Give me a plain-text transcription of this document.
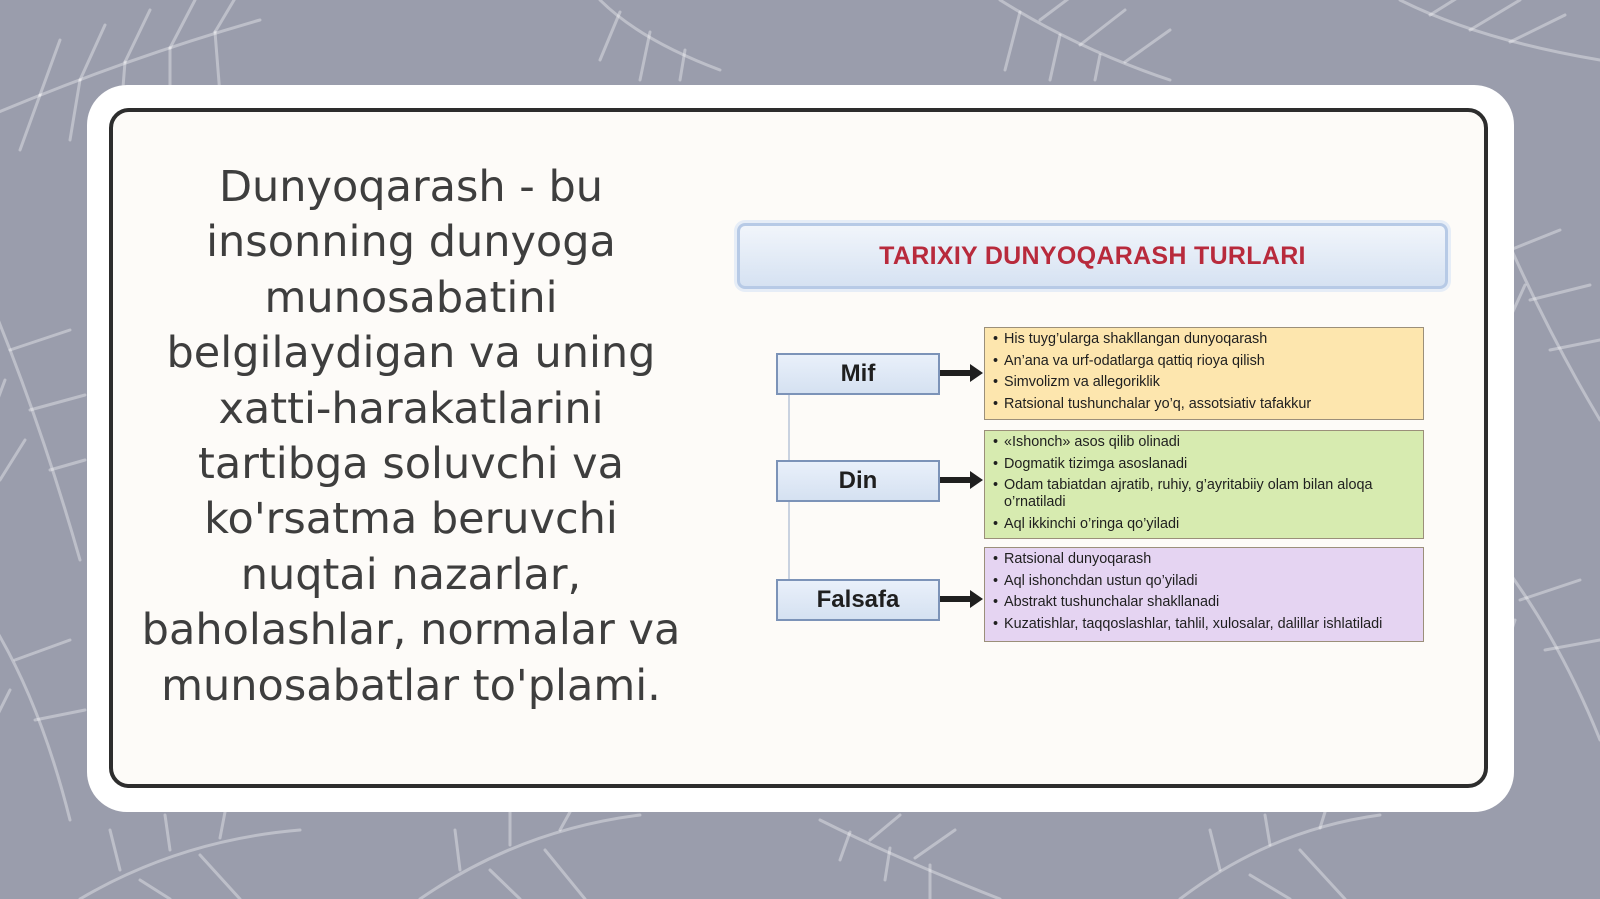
Dunyoqarash - bu insonning dunyoga munosabatini belgilaydigan va uning xatti-harakatlarini tartibga soluvchi va ko'rsatma beruvchi nuqtai nazarlar, baholashlar, normalar va munosabatlar to'plami.

TARIXIY DUNYOQARASH TURLARI
Mif
• His tuyg’ularga shakllangan dunyoqarash
• An’ana va urf-odatlarga qattiq rioya qilish
• Simvolizm va allegoriklik
• Ratsional tushunchalar yo’q, assotsiativ tafakkur
Din
• «Ishonch» asos qilib olinadi
• Dogmatik tizimga asoslanadi
• Odam tabiatdan ajratib, ruhiy, g’ayritabiiy olam bilan aloqa o’rnatiladi
• Aql ikkinchi o’ringa qo’yiladi
Falsafa
• Ratsional dunyoqarash
• Aql ishonchdan ustun qo’yiladi
• Abstrakt tushunchalar shakllanadi
• Kuzatishlar, taqqoslashlar, tahlil, xulosalar, dalillar ishlatiladi
